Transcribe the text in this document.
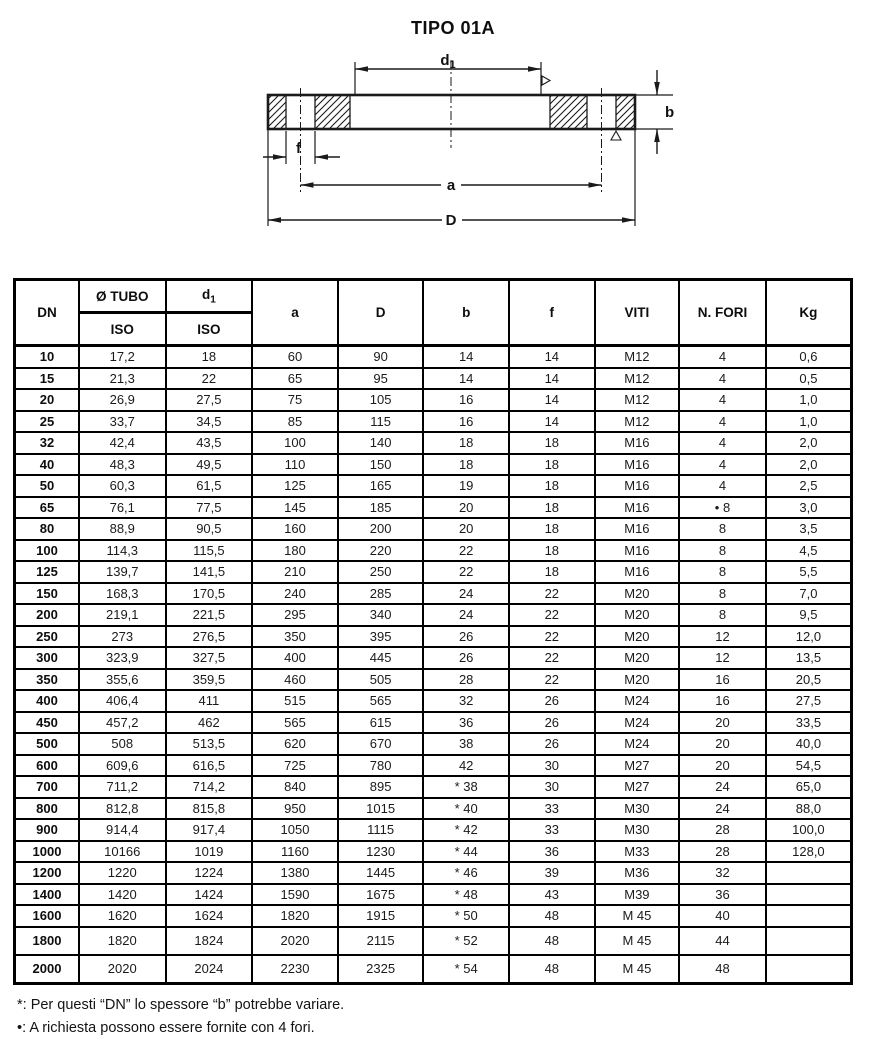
TIPO 01A
$d_1$
b
f
a
D
DN	Ø TUBO	$d_1$	a	D	b	f	VITI	N. FORI	Kg
	ISO	ISO							
10	17,2	18	60	90	14	14	M12	4	0,6
15	21,3	22	65	95	14	14	M12	4	0,5
20	26,9	27,5	75	105	16	14	M12	4	1,0
25	33,7	34,5	85	115	16	14	M12	4	1,0
32	42,4	43,5	100	140	18	18	M16	4	2,0
40	48,3	49,5	110	150	18	18	M16	4	2,0
50	60,3	61,5	125	165	19	18	M16	4	2,5
65	76,1	77,5	145	185	20	18	M16	• 8	3,0
80	88,9	90,5	160	200	20	18	M16	8	3,5
100	114,3	115,5	180	220	22	18	M16	8	4,5
125	139,7	141,5	210	250	22	18	M16	8	5,5
150	168,3	170,5	240	285	24	22	M20	8	7,0
200	219,1	221,5	295	340	24	22	M20	8	9,5
250	273	276,5	350	395	26	22	M20	12	12,0
300	323,9	327,5	400	445	26	22	M20	12	13,5
350	355,6	359,5	460	505	28	22	M20	16	20,5
400	406,4	411	515	565	32	26	M24	16	27,5
450	457,2	462	565	615	36	26	M24	20	33,5
500	508	513,5	620	670	38	26	M24	20	40,0
600	609,6	616,5	725	780	42	30	M27	20	54,5
700	711,2	714,2	840	895	* 38	30	M27	24	65,0
800	812,8	815,8	950	1015	* 40	33	M30	24	88,0
900	914,4	917,4	1050	1115	* 42	33	M30	28	100,0
1000	10166	1019	1160	1230	* 44	36	M33	28	128,0
1200	1220	1224	1380	1445	* 46	39	M36	32	
1400	1420	1424	1590	1675	* 48	43	M39	36	
1600	1620	1624	1820	1915	* 50	48	M 45	40	
1800	1820	1824	2020	2115	* 52	48	M 45	44	
2000	2020	2024	2230	2325	* 54	48	M 45	48	
*: Per questi “DN” lo spessore “b” potrebbe variare.
•: A richiesta possono essere fornite con 4 fori.
